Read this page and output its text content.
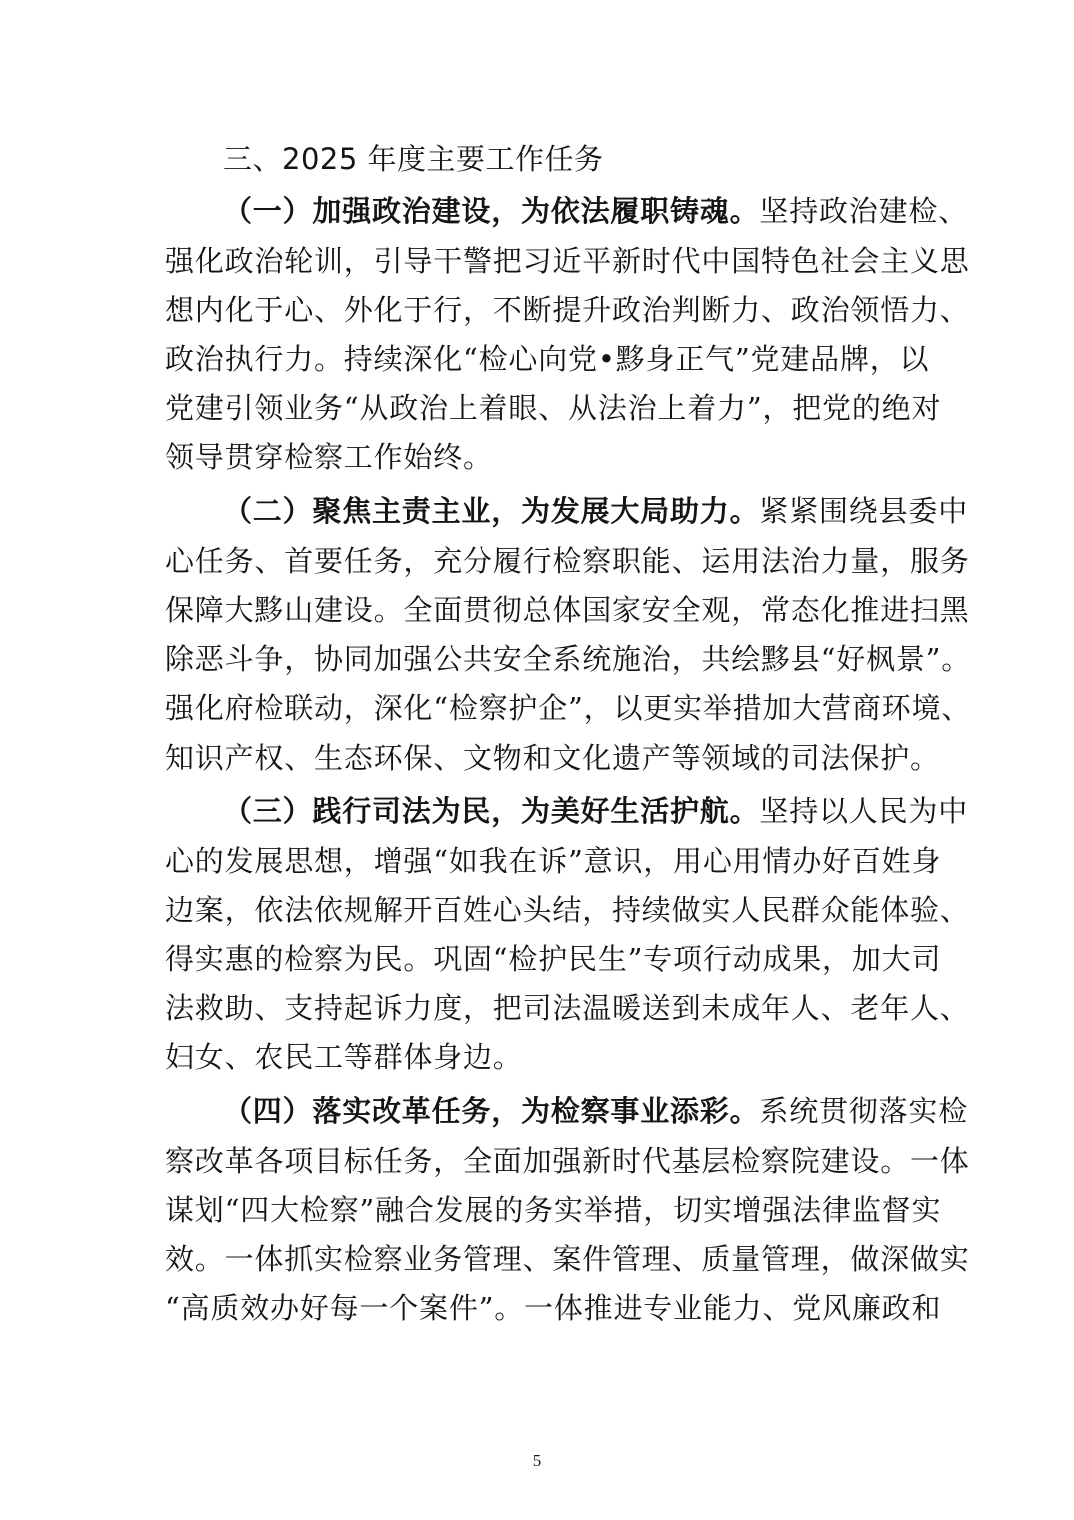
三、2025 年度主要工作任务
（一）加强政治建设，为依法履职铸魂。坚持政治建检、
强化政治轮训，引导干警把习近平新时代中国特色社会主义思
想内化于心、外化于行，不断提升政治判断力、政治领悟力、
政治执行力。持续深化“检心向党•黟身正气”党建品牌，以
党建引领业务“从政治上着眼、从法治上着力”，把党的绝对
领导贯穿检察工作始终。
（二）聚焦主责主业，为发展大局助力。紧紧围绕县委中
心任务、首要任务，充分履行检察职能、运用法治力量，服务
保障大黟山建设。全面贯彻总体国家安全观，常态化推进扫黑
除恶斗争，协同加强公共安全系统施治，共绘黟县“好枫景”。
强化府检联动，深化“检察护企”，以更实举措加大营商环境、
知识产权、生态环保、文物和文化遗产等领域的司法保护。
（三）践行司法为民，为美好生活护航。坚持以人民为中
心的发展思想，增强“如我在诉”意识，用心用情办好百姓身
边案，依法依规解开百姓心头结，持续做实人民群众能体验、
得实惠的检察为民。巩固“检护民生”专项行动成果，加大司
法救助、支持起诉力度，把司法温暖送到未成年人、老年人、
妇女、农民工等群体身边。
（四）落实改革任务，为检察事业添彩。系统贯彻落实检
察改革各项目标任务，全面加强新时代基层检察院建设。一体
谋划“四大检察”融合发展的务实举措，切实增强法律监督实
效。一体抓实检察业务管理、案件管理、质量管理，做深做实
“高质效办好每一个案件”。一体推进专业能力、党风廉政和
5
